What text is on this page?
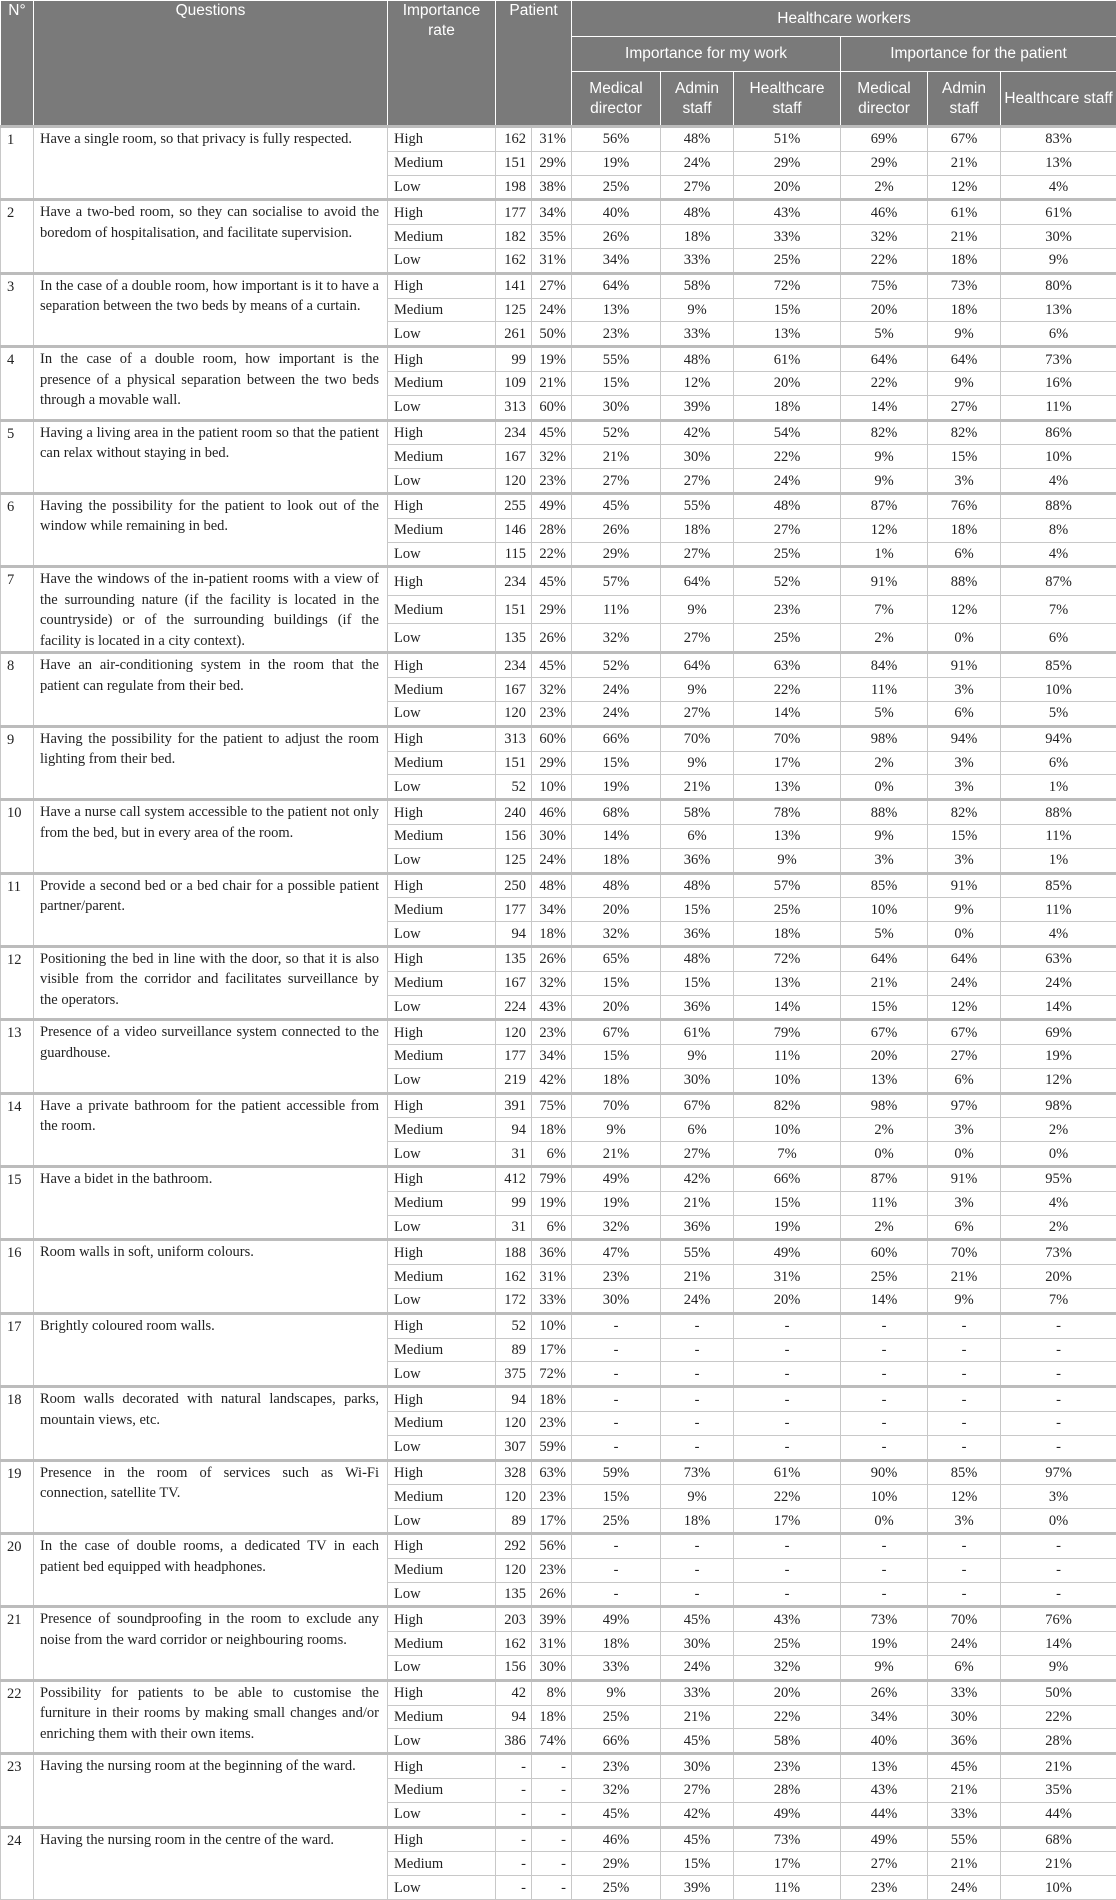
N°	Questions	Importance rate	Patient		Healthcare workers					
					Importance for my work			Importance for the patient		
					Medical director	Admin staff	Healthcare staff	Medical director	Admin staff	Healthcare staff
1	Have a single room, so that privacy is fully respected.	High	162	31%	56%	48%	51%	69%	67%	83%
		Medium	151	29%	19%	24%	29%	29%	21%	13%
		Low	198	38%	25%	27%	20%	2%	12%	4%
2	Have a two-bed room, so they can socialise to avoid the boredom of hospitalisation, and facilitate supervision.	High	177	34%	40%	48%	43%	46%	61%	61%
		Medium	182	35%	26%	18%	33%	32%	21%	30%
		Low	162	31%	34%	33%	25%	22%	18%	9%
3	In the case of a double room, how important is it to have a separation between the two beds by means of a curtain.	High	141	27%	64%	58%	72%	75%	73%	80%
		Medium	125	24%	13%	9%	15%	20%	18%	13%
		Low	261	50%	23%	33%	13%	5%	9%	6%
4	In the case of a double room, how important is the presence of a physical separation between the two beds through a movable wall.	High	99	19%	55%	48%	61%	64%	64%	73%
		Medium	109	21%	15%	12%	20%	22%	9%	16%
		Low	313	60%	30%	39%	18%	14%	27%	11%
5	Having a living area in the patient room so that the patient can relax without staying in bed.	High	234	45%	52%	42%	54%	82%	82%	86%
		Medium	167	32%	21%	30%	22%	9%	15%	10%
		Low	120	23%	27%	27%	24%	9%	3%	4%
6	Having the possibility for the patient to look out of the window while remaining in bed.	High	255	49%	45%	55%	48%	87%	76%	88%
		Medium	146	28%	26%	18%	27%	12%	18%	8%
		Low	115	22%	29%	27%	25%	1%	6%	4%
7	Have the windows of the in-patient rooms with a view of the surrounding nature (if the facility is located in the countryside) or of the surrounding buildings (if the facility is located in a city context).	High	234	45%	57%	64%	52%	91%	88%	87%
		Medium	151	29%	11%	9%	23%	7%	12%	7%
		Low	135	26%	32%	27%	25%	2%	0%	6%
8	Have an air-conditioning system in the room that the patient can regulate from their bed.	High	234	45%	52%	64%	63%	84%	91%	85%
		Medium	167	32%	24%	9%	22%	11%	3%	10%
		Low	120	23%	24%	27%	14%	5%	6%	5%
9	Having the possibility for the patient to adjust the room lighting from their bed.	High	313	60%	66%	70%	70%	98%	94%	94%
		Medium	151	29%	15%	9%	17%	2%	3%	6%
		Low	52	10%	19%	21%	13%	0%	3%	1%
10	Have a nurse call system accessible to the patient not only from the bed, but in every area of the room.	High	240	46%	68%	58%	78%	88%	82%	88%
		Medium	156	30%	14%	6%	13%	9%	15%	11%
		Low	125	24%	18%	36%	9%	3%	3%	1%
11	Provide a second bed or a bed chair for a possible patient partner/parent.	High	250	48%	48%	48%	57%	85%	91%	85%
		Medium	177	34%	20%	15%	25%	10%	9%	11%
		Low	94	18%	32%	36%	18%	5%	0%	4%
12	Positioning the bed in line with the door, so that it is also visible from the corridor and facilitates surveillance by the operators.	High	135	26%	65%	48%	72%	64%	64%	63%
		Medium	167	32%	15%	15%	13%	21%	24%	24%
		Low	224	43%	20%	36%	14%	15%	12%	14%
13	Presence of a video surveillance system connected to the guardhouse.	High	120	23%	67%	61%	79%	67%	67%	69%
		Medium	177	34%	15%	9%	11%	20%	27%	19%
		Low	219	42%	18%	30%	10%	13%	6%	12%
14	Have a private bathroom for the patient accessible from the room.	High	391	75%	70%	67%	82%	98%	97%	98%
		Medium	94	18%	9%	6%	10%	2%	3%	2%
		Low	31	6%	21%	27%	7%	0%	0%	0%
15	Have a bidet in the bathroom.	High	412	79%	49%	42%	66%	87%	91%	95%
		Medium	99	19%	19%	21%	15%	11%	3%	4%
		Low	31	6%	32%	36%	19%	2%	6%	2%
16	Room walls in soft, uniform colours.	High	188	36%	47%	55%	49%	60%	70%	73%
		Medium	162	31%	23%	21%	31%	25%	21%	20%
		Low	172	33%	30%	24%	20%	14%	9%	7%
17	Brightly coloured room walls.	High	52	10%	-	-	-	-	-	-
		Medium	89	17%	-	-	-	-	-	-
		Low	375	72%	-	-	-	-	-	-
18	Room walls decorated with natural landscapes, parks, mountain views, etc.	High	94	18%	-	-	-	-	-	-
		Medium	120	23%	-	-	-	-	-	-
		Low	307	59%	-	-	-	-	-	-
19	Presence in the room of services such as Wi-Fi connection, satellite TV.	High	328	63%	59%	73%	61%	90%	85%	97%
		Medium	120	23%	15%	9%	22%	10%	12%	3%
		Low	89	17%	25%	18%	17%	0%	3%	0%
20	In the case of double rooms, a dedicated TV in each patient bed equipped with headphones.	High	292	56%	-	-	-	-	-	-
		Medium	120	23%	-	-	-	-	-	-
		Low	135	26%	-	-	-	-	-	-
21	Presence of soundproofing in the room to exclude any noise from the ward corridor or neighbouring rooms.	High	203	39%	49%	45%	43%	73%	70%	76%
		Medium	162	31%	18%	30%	25%	19%	24%	14%
		Low	156	30%	33%	24%	32%	9%	6%	9%
22	Possibility for patients to be able to customise the furniture in their rooms by making small changes and/or enriching them with their own items.	High	42	8%	9%	33%	20%	26%	33%	50%
		Medium	94	18%	25%	21%	22%	34%	30%	22%
		Low	386	74%	66%	45%	58%	40%	36%	28%
23	Having the nursing room at the beginning of the ward.	High	-	-	23%	30%	23%	13%	45%	21%
		Medium	-	-	32%	27%	28%	43%	21%	35%
		Low	-	-	45%	42%	49%	44%	33%	44%
24	Having the nursing room in the centre of the ward.	High	-	-	46%	45%	73%	49%	55%	68%
		Medium	-	-	29%	15%	17%	27%	21%	21%
		Low	-	-	25%	39%	11%	23%	24%	10%
